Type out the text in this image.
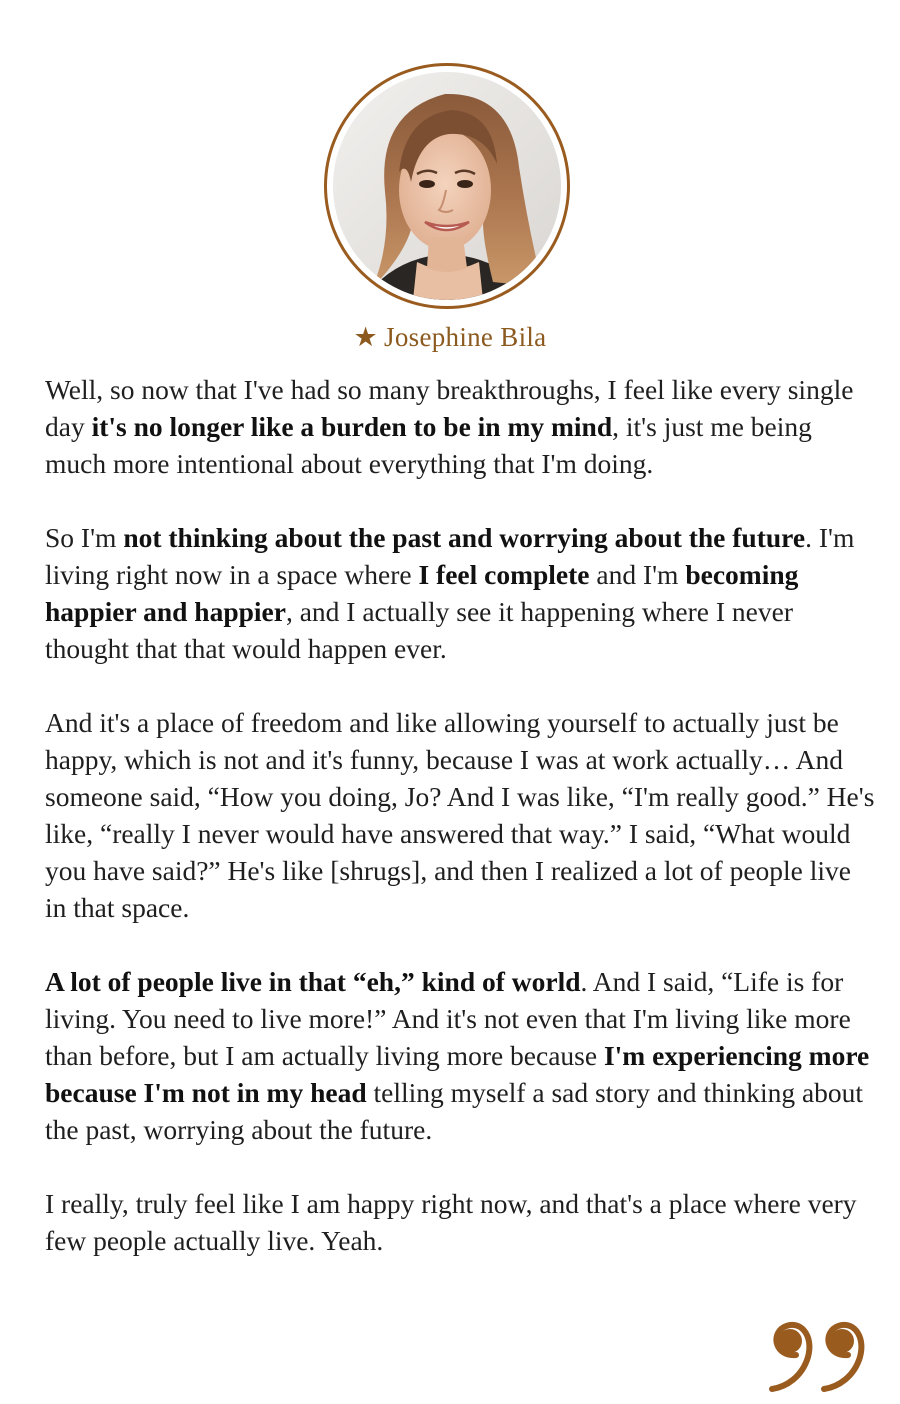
★ Josephine Bila

Well, so now that I've had so many breakthroughs, I feel like every single day it's no longer like a burden to be in my mind, it's just me being much more intentional about everything that I'm doing.

So I'm not thinking about the past and worrying about the future. I'm living right now in a space where I feel complete and I'm becoming happier and happier, and I actually see it happening where I never thought that that would happen ever.

And it's a place of freedom and like allowing yourself to actually just be happy, which is not and it's funny, because I was at work actually… And someone said, “How you doing, Jo? And I was like, “I'm really good.” He's like, “really I never would have answered that way.” I said, “What would you have said?” He's like [shrugs], and then I realized a lot of people live in that space.

A lot of people live in that “eh,” kind of world. And I said, “Life is for living. You need to live more!” And it's not even that I'm living like more than before, but I am actually living more because I'm experiencing more because I'm not in my head telling myself a sad story and thinking about the past, worrying about the future.

I really, truly feel like I am happy right now, and that's a place where very few people actually live. Yeah.
